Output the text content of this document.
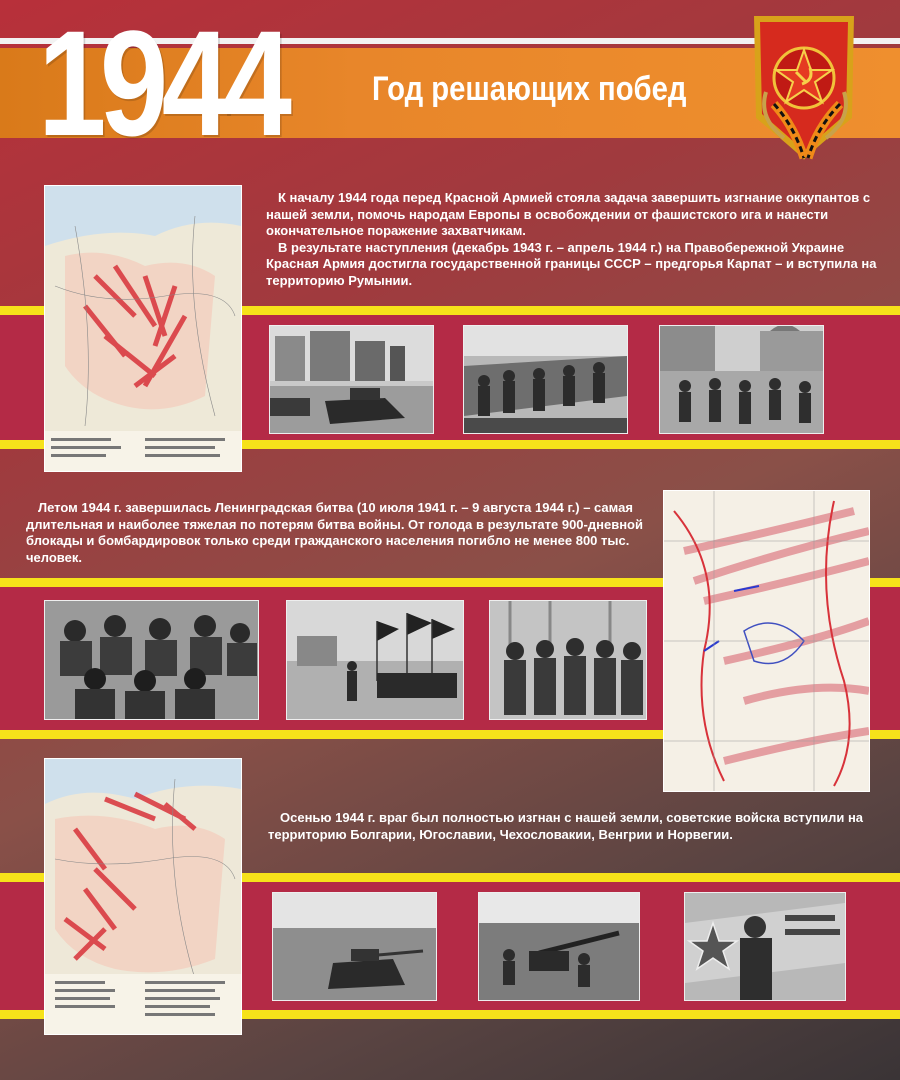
1944	Год решающих побед

К началу 1944 года перед Красной Армией стояла задача завершить изгнание оккупантов с нашей земли, помочь народам Европы в освобождении от фашистского ига и нанести окончательное поражение захватчикам.

В результате наступления (декабрь 1943 г. – апрель 1944 г.) на Правобережной Украине Красная Армия достигла государственной границы СССР – предгорья Карпат – и вступила на территорию Румынии.

Летом 1944 г. завершилась Ленинградская битва (10 июля 1941 г. – 9 августа 1944 г.) – самая длительная и наиболее тяжелая по потерям битва войны. От голода в результате 900-дневной блокады и бомбардировок только среди гражданского населения погибло не менее 800 тыс. человек.

Осенью 1944 г. враг был полностью изгнан с нашей земли, советские войска вступили на территорию Болгарии, Югославии, Чехословакии, Венгрии и Норвегии.
